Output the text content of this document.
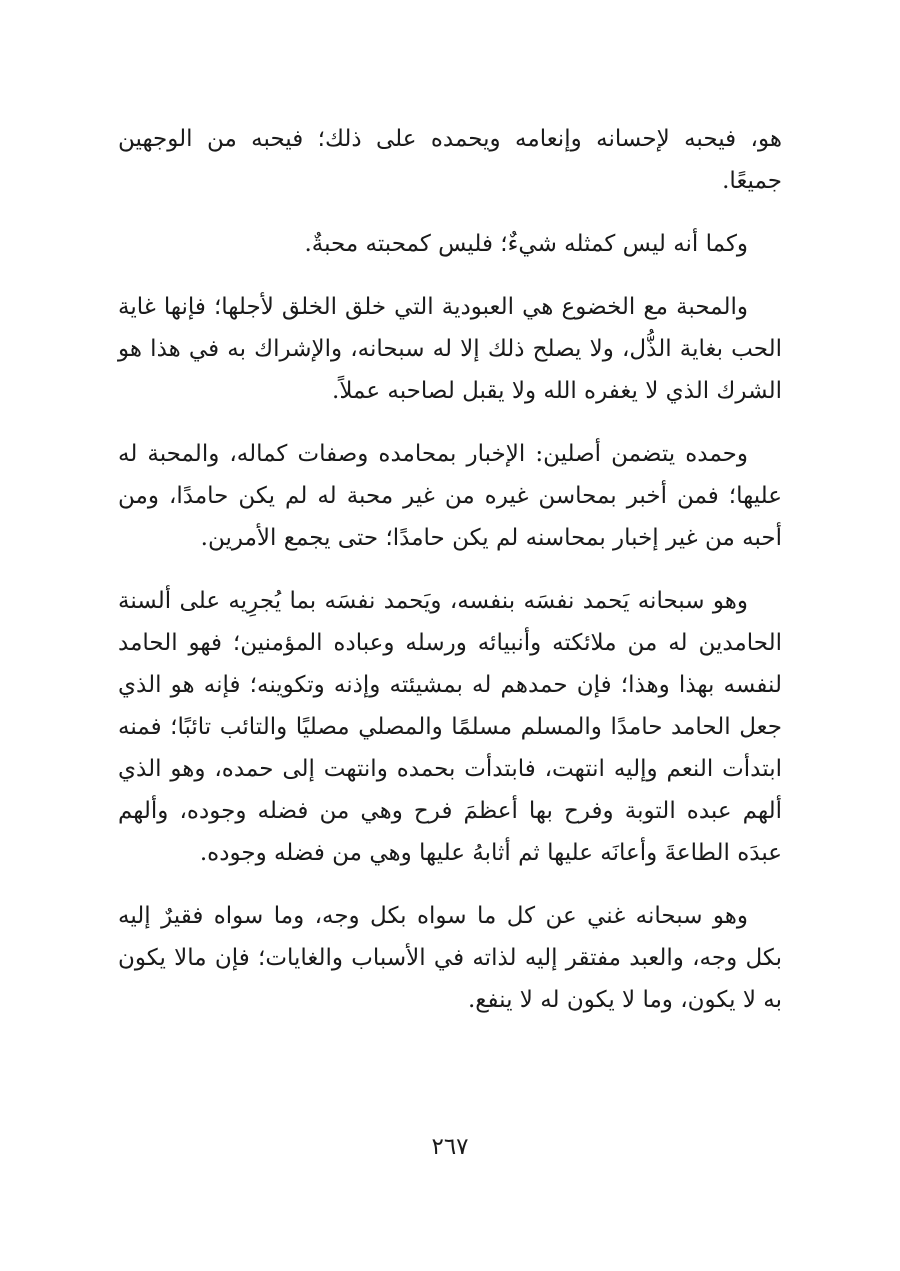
هو، فيحبه لإحسانه وإنعامه ويحمده على ذلك؛ فيحبه من الوجهين جميعًا.

وكما أنه ليس كمثله شيءٌ؛ فليس كمحبته محبةٌ.

والمحبة مع الخضوع هي العبودية التي خلق الخلق لأجلها؛ فإنها غاية الحب بغاية الذُّل، ولا يصلح ذلك إلا له سبحانه، والإشراك به في هذا هو الشرك الذي لا يغفره الله ولا يقبل لصاحبه عملاً.

وحمده يتضمن أصلين: الإخبار بمحامده وصفات كماله، والمحبة له عليها؛ فمن أخبر بمحاسن غيره من غير محبة له لم يكن حامدًا، ومن أحبه من غير إخبار بمحاسنه لم يكن حامدًا؛ حتى يجمع الأمرين.

وهو سبحانه يَحمد نفسَه بنفسه، ويَحمد نفسَه بما يُجرِيه على ألسنة الحامدين له من ملائكته وأنبيائه ورسله وعباده المؤمنين؛ فهو الحامد لنفسه بهذا وهذا؛ فإن حمدهم له بمشيئته وإذنه وتكوينه؛ فإنه هو الذي جعل الحامد حامدًا والمسلم مسلمًا والمصلي مصليًا والتائب تائبًا؛ فمنه ابتدأت النعم وإليه انتهت، فابتدأت بحمده وانتهت إلى حمده، وهو الذي ألهم عبده التوبة وفرح بها أعظمَ فرح وهي من فضله وجوده، وألهم عبدَه الطاعةَ وأعانَه عليها ثم أثابهُ عليها وهي من فضله وجوده.

وهو سبحانه غني عن كل ما سواه بكل وجه، وما سواه فقيرٌ إليه بكل وجه، والعبد مفتقر إليه لذاته في الأسباب والغايات؛ فإن مالا يكون به لا يكون، وما لا يكون له لا ينفع.

٢٦٧
